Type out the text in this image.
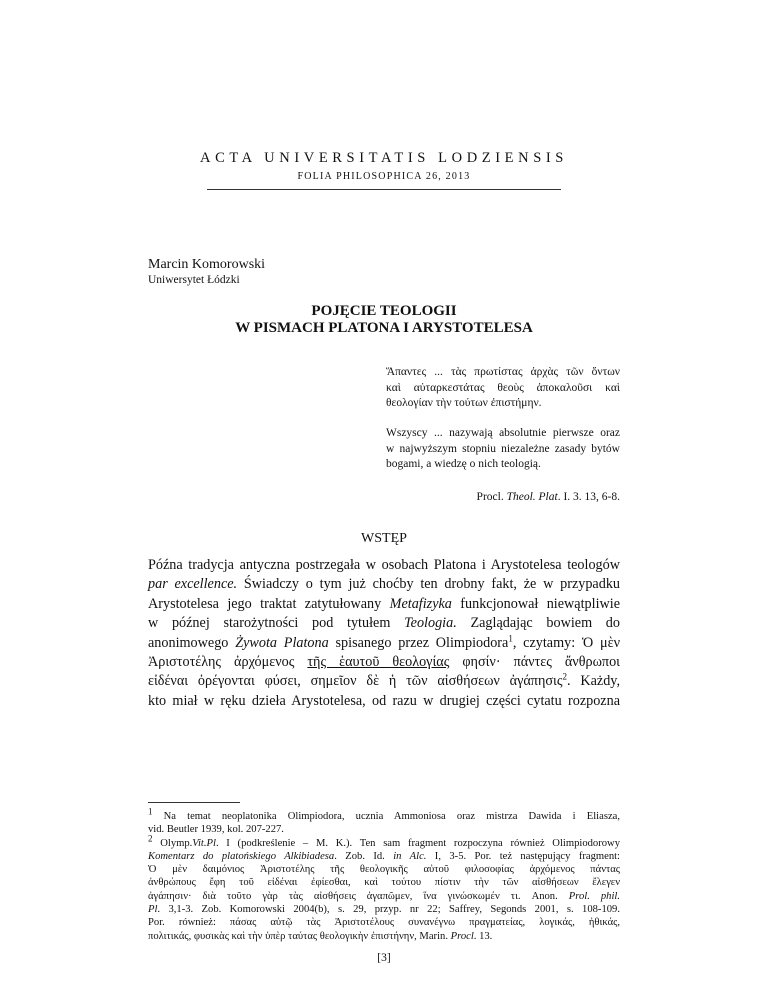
ACTA UNIVERSITATIS LODZIENSIS
FOLIA PHILOSOPHICA 26, 2013
Marcin Komorowski
Uniwersytet Łódzki
POJĘCIE TEOLOGII
W PISMACH PLATONA I ARYSTOTELESA
Ἅπαντες ... τὰς πρωτίστας ἀρχὰς τῶν ὄντων
καὶ αὐταρκεστάτας θεοὺς ἀποκαλοῦσι καὶ
θεολογίαν τὴν τούτων ἐπιστήμην.
Wszyscy ... nazywają absolutnie pierwsze oraz
w najwyższym stopniu niezależne zasady bytów
bogami, a wiedzę o nich teologią.
Procl. Theol. Plat. I. 3. 13, 6-8.
WSTĘP
Późna tradycja antyczna postrzegała w osobach Platona i Arystotelesa teologów
par excellence. Świadczy o tym już choćby ten drobny fakt, że w przypadku
Arystotelesa jego traktat zatytułowany Metafizyka funkcjonował niewątpliwie
w późnej starożytności pod tytułem Teologia. Zaglądając bowiem do
anonimowego Żywota Platona spisanego przez Olimpiodora$^1$, czytamy: Ὁ μὲν
Ἀριστοτέλης ἀρχόμενος τῆς ἑαυτοῦ θεολογίας φησίν· πάντες ἄνθρωποι
εἰδέναι ὀρέγονται φύσει, σημεῖον δὲ ἡ τῶν αἰσθήσεων ἀγάπησις$^2$. Każdy,
kto miał w ręku dzieła Arystotelesa, od razu w drugiej części cytatu rozpozna
$^1$ Na temat neoplatonika Olimpiodora, ucznia Ammoniosa oraz mistrza Dawida i Eliasza,
vid. Beutler 1939, kol. 207-227.
$^2$ Olymp.Vit.Pl. I (podkreślenie – M. K.). Ten sam fragment rozpoczyna również Olimpiodorowy
Komentarz do platońskiego Alkibiadesa. Zob. Id. in Alc. I, 3-5. Por. też następujący fragment:
Ὁ μὲν δαιμόνιος Ἀριστοτέλης τῆς θεολογικῆς αὐτοῦ φιλοσοφίας ἀρχόμενος πάντας
ἀνθρώπους ἔφη τοῦ εἰδέναι ἐφίεσθαι, καὶ τούτου πίστιν τὴν τῶν αἰσθήσεων ἔλεγεν
ἀγάπησιν· διὰ τοῦτο γὰρ τὰς αἰσθήσεις ἀγαπῶμεν, ἵνα γινώσκωμέν τι. Anon. Prol. phil.
Pl. 3,1-3. Zob. Komorowski 2004(b), s. 29, przyp. nr 22; Saffrey, Segonds 2001, s. 108-109.
Por. również: πάσας αὐτῷ τὰς Ἀριστοτέλους συνανέγνω πραγματείας, λογικάς, ἠθικάς,
πολιτικάς, φυσικὰς καὶ τὴν ὑπὲρ ταύτας θεολογικὴν ἐπιστήνην, Marin. Procl. 13.
[3]
